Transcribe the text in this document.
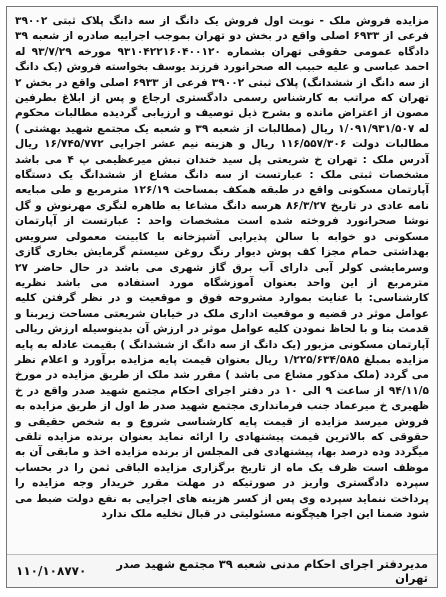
مزایده فروش ملک - نوبت اول فروش یک دانگ از سه دانگ پلاک ثبتی ۳۹۰۰۲ فرعی از ۶۹۳۳ اصلی واقع در بخش دو تهران بموجب اجراییه صادره از شعبه ۳۹ دادگاه عمومی حقوقی تهران بشماره ۹۳۱۰۴۲۲۱۶۰۴۰۰۱۲۰ مورخه ۹۳/۷/۲۹ له احمد عباسی و علیه حبیب اله صحرانورد فرزند یوسف بخواسته فروش (یک دانگ از سه دانگ از ششدانگ) پلاک ثبتی ۳۹۰۰۲ فرعی از ۶۹۳۳ اصلی واقع در بخش ۲ تهران که مراتب به کارشناس رسمی دادگستری ارجاع و پس از ابلاغ بطرفین مصون از اعتراض مانده و بشرح ذیل توصیف و ارزیابی گردیده مطالبات محکوم له ۱/۰۹۱/۹۳۱/۵۰۷ ریال (مطالبات از شعبه ۳۹ و شعبه یک مجتمع شهید بهشتی ) مطالبات دولت ۱۱۶/۵۵۷/۳۰۶ ریال و هزینه نیم عشر اجرایی ۱۶/۷۴۵/۷۷۲ ریال آدرس ملک : تهران خ شریعتی پل سید خندان نبش میرعظیمی پ ۴ می باشد مشخصات ثبتی ملک : عبارتست از سه دانگ مشاع از ششدانگ یک دستگاه آپارتمان مسکونی واقع در طبقه همکف بمساحت ۱۲۶/۱۹ مترمربع و طی مبایعه نامه عادی در تاریخ ۸۶/۳/۲۷ هرسه دانگ مشاعا به طاهره لنگری مهرنوش و گل نوشا صحرانورد فروخته شده است مشخصات واحد : عبارتست از آپارتمان مسکونی دو خوابه با سالن پذیرایی آشپزخانه با کابینت معمولی سرویس بهداشتی حمام مجزا کف پوش دیوار رنگ روغن سیستم گرمایش بخاری گازی وسرمایشی کولر آبی دارای آب برق گاز شهری می باشد در حال حاضر ۲۷ مترمربع از این واحد بعنوان آموزشگاه مورد استفاده می باشد نظریه کارشناسی: با عنایت بموارد مشروحه فوق و موقعیت و در نظر گرفتن کلیه عوامل موثر در قضیه و موقعیت اداری ملک در خیابان شریعتی مساحت زیربنا و قدمت بنا و با لحاظ نمودن کلیه عوامل موثر در ارزش آن بدینوسیله ارزش ریالی آپارتمان مسکونی مزبور (یک دانگ از سه دانگ از ششدانگ ) بقیمت عادله به پایه مزایده بمبلغ ۱/۲۲۵/۶۳۴/۵۸۵ ریال بعنوان قیمت پایه مزایده برآورد و اعلام نظر می گردد (ملک مذکور مشاع می باشد ) مقرر شد ملک از طریق مزایده در مورخ ۹۴/۱۱/۵ از ساعت ۹ الی ۱۰ در دفتر اجرای احکام مجتمع شهید صدر واقع در خ ظهیری خ میرعماد جنب فرمانداری مجتمع شهید صدر ط اول از طریق مزایده به فروش میرسد مزایده از قیمت پایه کارشناسی شروع و به شخص حقیقی و حقوقی که بالاترین قیمت پیشنهادی را ارائه نماید بعنوان برنده مزایده تلقی میگردد وده درصد بها، پیشنهادی فی المجلس از برنده مزایده اخذ و مابقی آن به موظف است ظرف یک ماه از تاریخ برگزاری مزایده الباقی ثمن را در بحساب سپرده دادگستری واریز در صورتیکه در مهلت مقرر خریدار وجه مزایده را پرداخت ننماید سپرده وی پس از کسر هزینه های اجرایی به نفع دولت ضبط می شود ضمنا این اجرا هیچگونه مسئولیتی در قبال تخلیه ملک ندارد
مدیردفتر اجرای احکام مدنی شعبه ۳۹ مجتمع شهید صدر تهران
۱۱۰/۱۰۸۷۷۰
